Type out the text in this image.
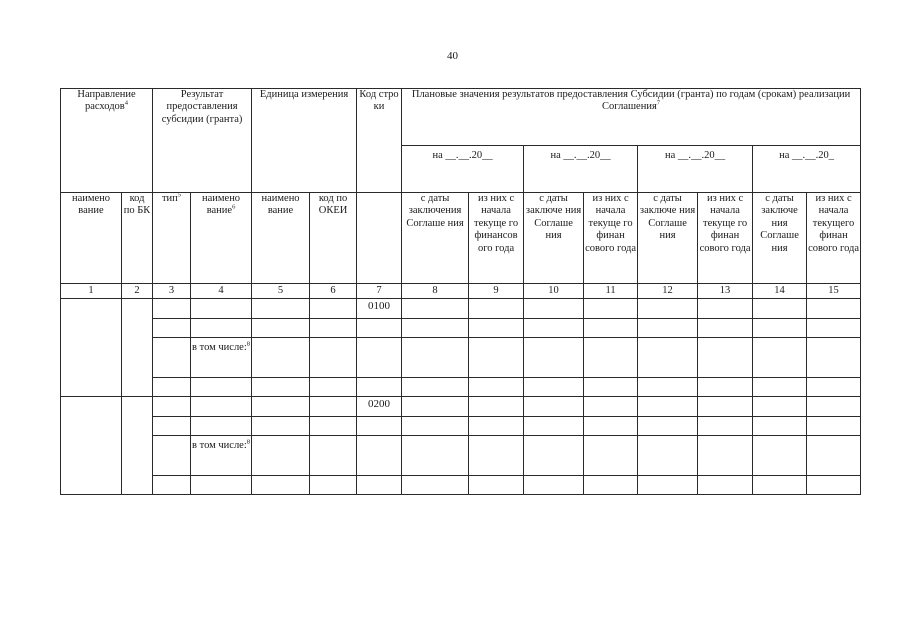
40
Направление расходов$^4$		Результат предоставления субсидии (гранта)		Единица измерения		Код стро ки	Плановые значения результатов предоставления Субсидии (гранта) по годам (срокам) реализации Соглашения$^7$
							на __.__.20__		на __.__.20__		на __.__.20__		на __.__.20_	
наимено вание	код по БК	тип$^5$	наимено вание$^6$	наимено вание	код по ОКЕИ		с даты заключения Соглаше ния	из них с начала текуще го финансов ого года	с даты заключе ния Соглаше ния	из них с начала текуще го финан сового года	с даты заключе ния Соглаше ния	из них с начала текуще го финан сового года	с даты заключе ния Соглаше ния	из них с начала текущего финан сового года
1	2	3	4	5	6	7	8	9	10	11	12	13	14	15
						0100								

			в том числе:$^8$											

						0200								

			в том числе:$^8$											
